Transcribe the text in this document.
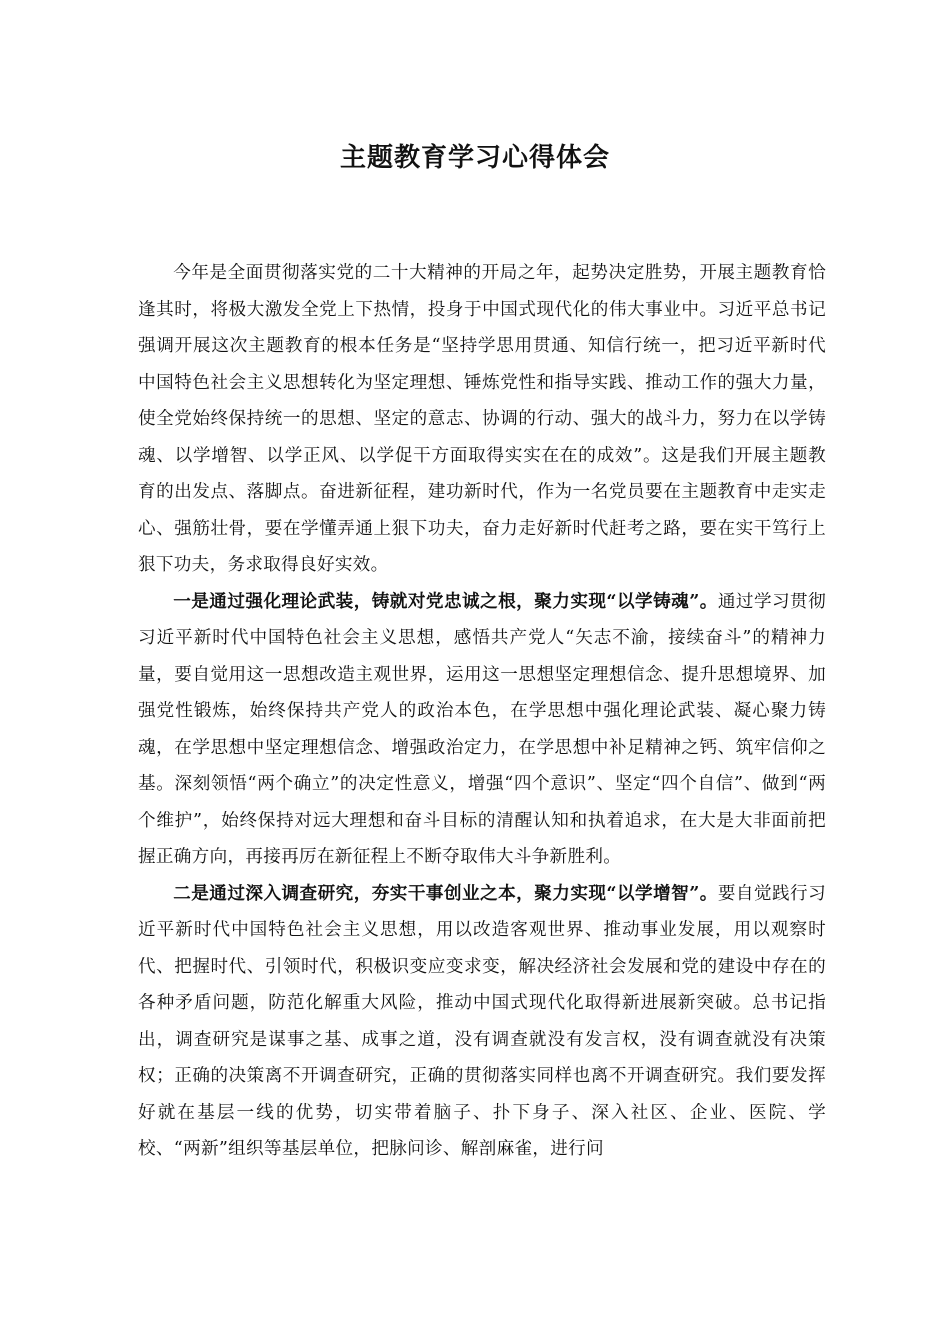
主题教育学习心得体会

今年是全面贯彻落实党的二十大精神的开局之年，起势决定胜势，开展主题教育恰逢其时，将极大激发全党上下热情，投身于中国式现代化的伟大事业中。习近平总书记强调开展这次主题教育的根本任务是“坚持学思用贯通、知信行统一，把习近平新时代中国特色社会主义思想转化为坚定理想、锤炼党性和指导实践、推动工作的强大力量，使全党始终保持统一的思想、坚定的意志、协调的行动、强大的战斗力，努力在以学铸魂、以学增智、以学正风、以学促干方面取得实实在在的成效”。这是我们开展主题教育的出发点、落脚点。奋进新征程，建功新时代，作为一名党员要在主题教育中走实走心、强筋壮骨，要在学懂弄通上狠下功夫，奋力走好新时代赶考之路，要在实干笃行上狠下功夫，务求取得良好实效。

一是通过强化理论武装，铸就对党忠诚之根，聚力实现“以学铸魂”。通过学习贯彻习近平新时代中国特色社会主义思想，感悟共产党人“矢志不渝，接续奋斗”的精神力量，要自觉用这一思想改造主观世界，运用这一思想坚定理想信念、提升思想境界、加强党性锻炼，始终保持共产党人的政治本色，在学思想中强化理论武装、凝心聚力铸魂，在学思想中坚定理想信念、增强政治定力，在学思想中补足精神之钙、筑牢信仰之基。深刻领悟“两个确立”的决定性意义，增强“四个意识”、坚定“四个自信”、做到“两个维护”，始终保持对远大理想和奋斗目标的清醒认知和执着追求，在大是大非面前把握正确方向，再接再厉在新征程上不断夺取伟大斗争新胜利。

二是通过深入调查研究，夯实干事创业之本，聚力实现“以学增智”。要自觉践行习近平新时代中国特色社会主义思想，用以改造客观世界、推动事业发展，用以观察时代、把握时代、引领时代，积极识变应变求变，解决经济社会发展和党的建设中存在的各种矛盾问题，防范化解重大风险，推动中国式现代化取得新进展新突破。总书记指出，调查研究是谋事之基、成事之道，没有调查就没有发言权，没有调查就没有决策权；正确的决策离不开调查研究，正确的贯彻落实同样也离不开调查研究。我们要发挥好就在基层一线的优势，切实带着脑子、扑下身子、深入社区、企业、医院、学校、“两新”组织等基层单位，把脉问诊、解剖麻雀，进行问
